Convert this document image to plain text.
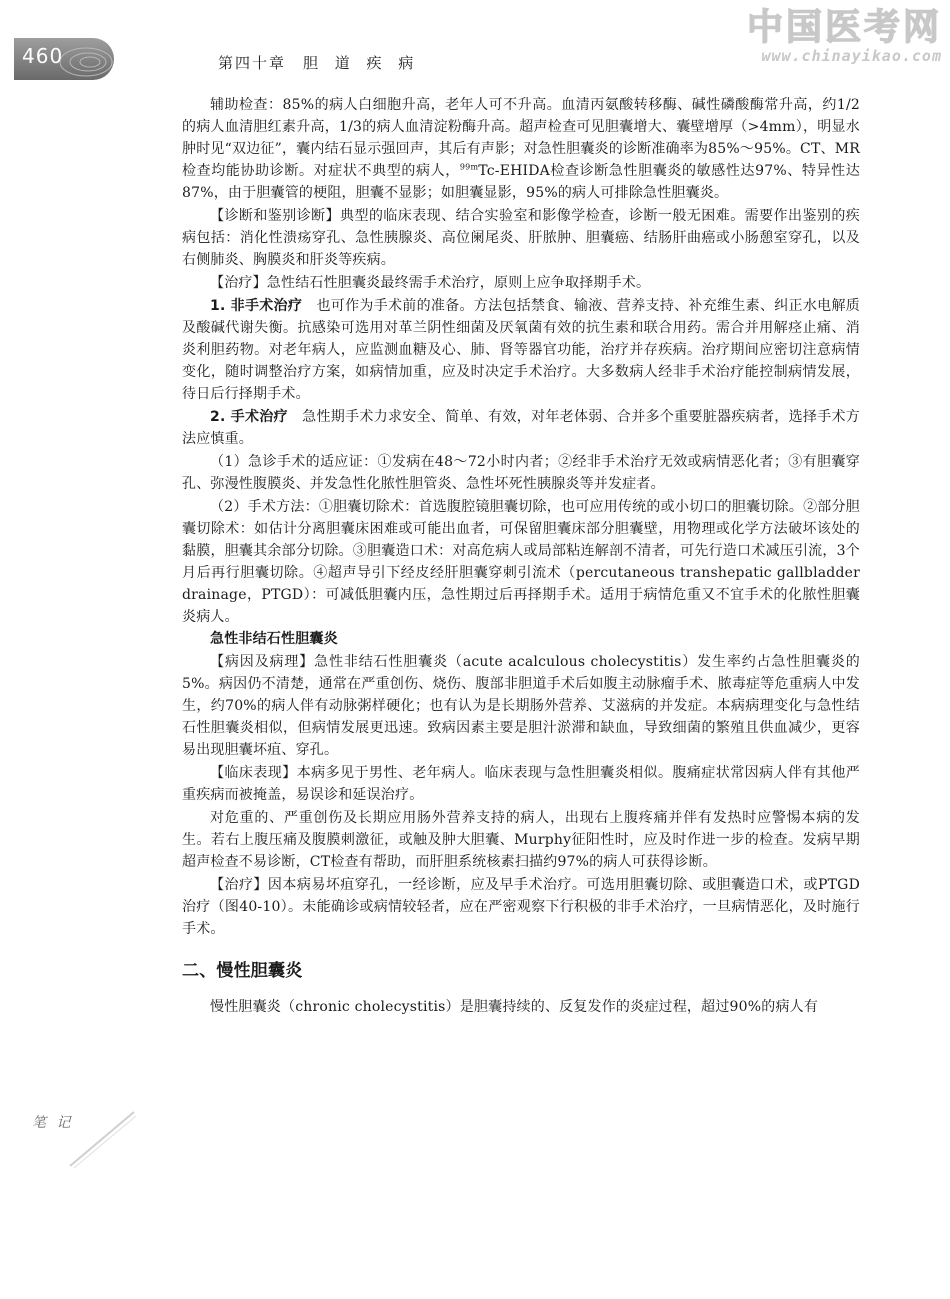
中国医考网
www.chinayikao.com
460	第四十章　胆 道 疾 病

辅助检查：85%的病人白细胞升高，老年人可不升高。血清丙氨酸转移酶、碱性磷酸酶常升高，约1/2的病人血清胆红素升高，1/3的病人血清淀粉酶升高。超声检查可见胆囊增大、囊壁增厚（>4mm），明显水肿时见“双边征”，囊内结石显示强回声，其后有声影；对急性胆囊炎的诊断准确率为85%～95%。CT、MR检查均能协助诊断。对症状不典型的病人，$^{99m}$Tc-EHIDA检查诊断急性胆囊炎的敏感性达97%、特异性达87%，由于胆囊管的梗阻，胆囊不显影；如胆囊显影，95%的病人可排除急性胆囊炎。

【诊断和鉴别诊断】典型的临床表现、结合实验室和影像学检查，诊断一般无困难。需要作出鉴别的疾病包括：消化性溃疡穿孔、急性胰腺炎、高位阑尾炎、肝脓肿、胆囊癌、结肠肝曲癌或小肠憩室穿孔，以及右侧肺炎、胸膜炎和肝炎等疾病。

【治疗】急性结石性胆囊炎最终需手术治疗，原则上应争取择期手术。

1. 非手术治疗　也可作为手术前的准备。方法包括禁食、输液、营养支持、补充维生素、纠正水电解质及酸碱代谢失衡。抗感染可选用对革兰阴性细菌及厌氧菌有效的抗生素和联合用药。需合并用解痉止痛、消炎利胆药物。对老年病人，应监测血糖及心、肺、肾等器官功能，治疗并存疾病。治疗期间应密切注意病情变化，随时调整治疗方案，如病情加重，应及时决定手术治疗。大多数病人经非手术治疗能控制病情发展，待日后行择期手术。

2. 手术治疗　急性期手术力求安全、简单、有效，对年老体弱、合并多个重要脏器疾病者，选择手术方法应慎重。

（1）急诊手术的适应证：①发病在48～72小时内者；②经非手术治疗无效或病情恶化者；③有胆囊穿孔、弥漫性腹膜炎、并发急性化脓性胆管炎、急性坏死性胰腺炎等并发症者。

（2）手术方法：①胆囊切除术：首选腹腔镜胆囊切除，也可应用传统的或小切口的胆囊切除。②部分胆囊切除术：如估计分离胆囊床困难或可能出血者，可保留胆囊床部分胆囊壁，用物理或化学方法破坏该处的黏膜，胆囊其余部分切除。③胆囊造口术：对高危病人或局部粘连解剖不清者，可先行造口术减压引流，3个月后再行胆囊切除。④超声导引下经皮经肝胆囊穿刺引流术（percutaneous transhepatic gallbladder drainage，PTGD）：可减低胆囊内压，急性期过后再择期手术。适用于病情危重又不宜手术的化脓性胆囊炎病人。

急性非结石性胆囊炎

【病因及病理】急性非结石性胆囊炎（acute acalculous cholecystitis）发生率约占急性胆囊炎的5%。病因仍不清楚，通常在严重创伤、烧伤、腹部非胆道手术后如腹主动脉瘤手术、脓毒症等危重病人中发生，约70%的病人伴有动脉粥样硬化；也有认为是长期肠外营养、艾滋病的并发症。本病病理变化与急性结石性胆囊炎相似，但病情发展更迅速。致病因素主要是胆汁淤滞和缺血，导致细菌的繁殖且供血减少，更容易出现胆囊坏疽、穿孔。

【临床表现】本病多见于男性、老年病人。临床表现与急性胆囊炎相似。腹痛症状常因病人伴有其他严重疾病而被掩盖，易误诊和延误治疗。

对危重的、严重创伤及长期应用肠外营养支持的病人，出现右上腹疼痛并伴有发热时应警惕本病的发生。若右上腹压痛及腹膜刺激征，或触及肿大胆囊、Murphy征阳性时，应及时作进一步的检查。发病早期超声检查不易诊断，CT检查有帮助，而肝胆系统核素扫描约97%的病人可获得诊断。

【治疗】因本病易坏疽穿孔，一经诊断，应及早手术治疗。可选用胆囊切除、或胆囊造口术，或PTGD治疗（图40-10）。未能确诊或病情较轻者，应在严密观察下行积极的非手术治疗，一旦病情恶化，及时施行手术。

二、慢性胆囊炎

慢性胆囊炎（chronic cholecystitis）是胆囊持续的、反复发作的炎症过程，超过90%的病人有

笔 记
